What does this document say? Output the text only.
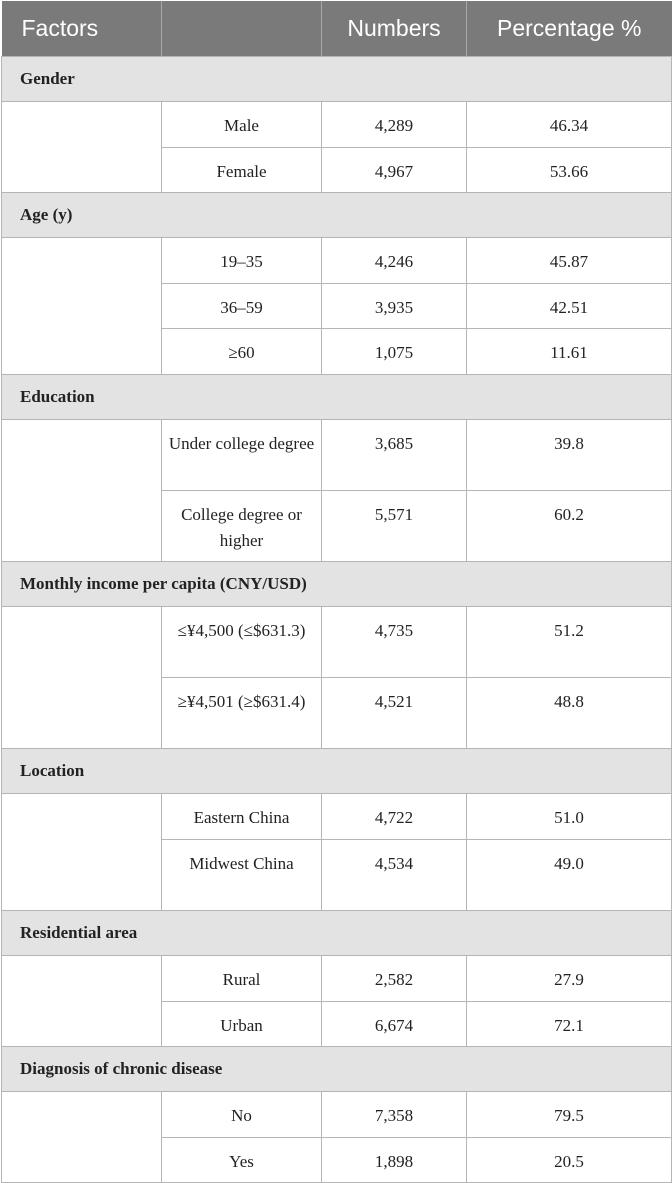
Factors		Numbers	Percentage %
Gender			
	Male	4,289	46.34
	Female	4,967	53.66
Age (y)			
	19–35	4,246	45.87
	36–59	3,935	42.51
	≥60	1,075	11.61
Education			
	Under college degree	3,685	39.8
	College degree or higher	5,571	60.2
Monthly income per capita (CNY/USD)			
	≤¥4,500 (≤$631.3)	4,735	51.2
	≥¥4,501 (≥$631.4)	4,521	48.8
Location			
	Eastern China	4,722	51.0
	Midwest China	4,534	49.0
Residential area			
	Rural	2,582	27.9
	Urban	6,674	72.1
Diagnosis of chronic disease			
	No	7,358	79.5
	Yes	1,898	20.5
